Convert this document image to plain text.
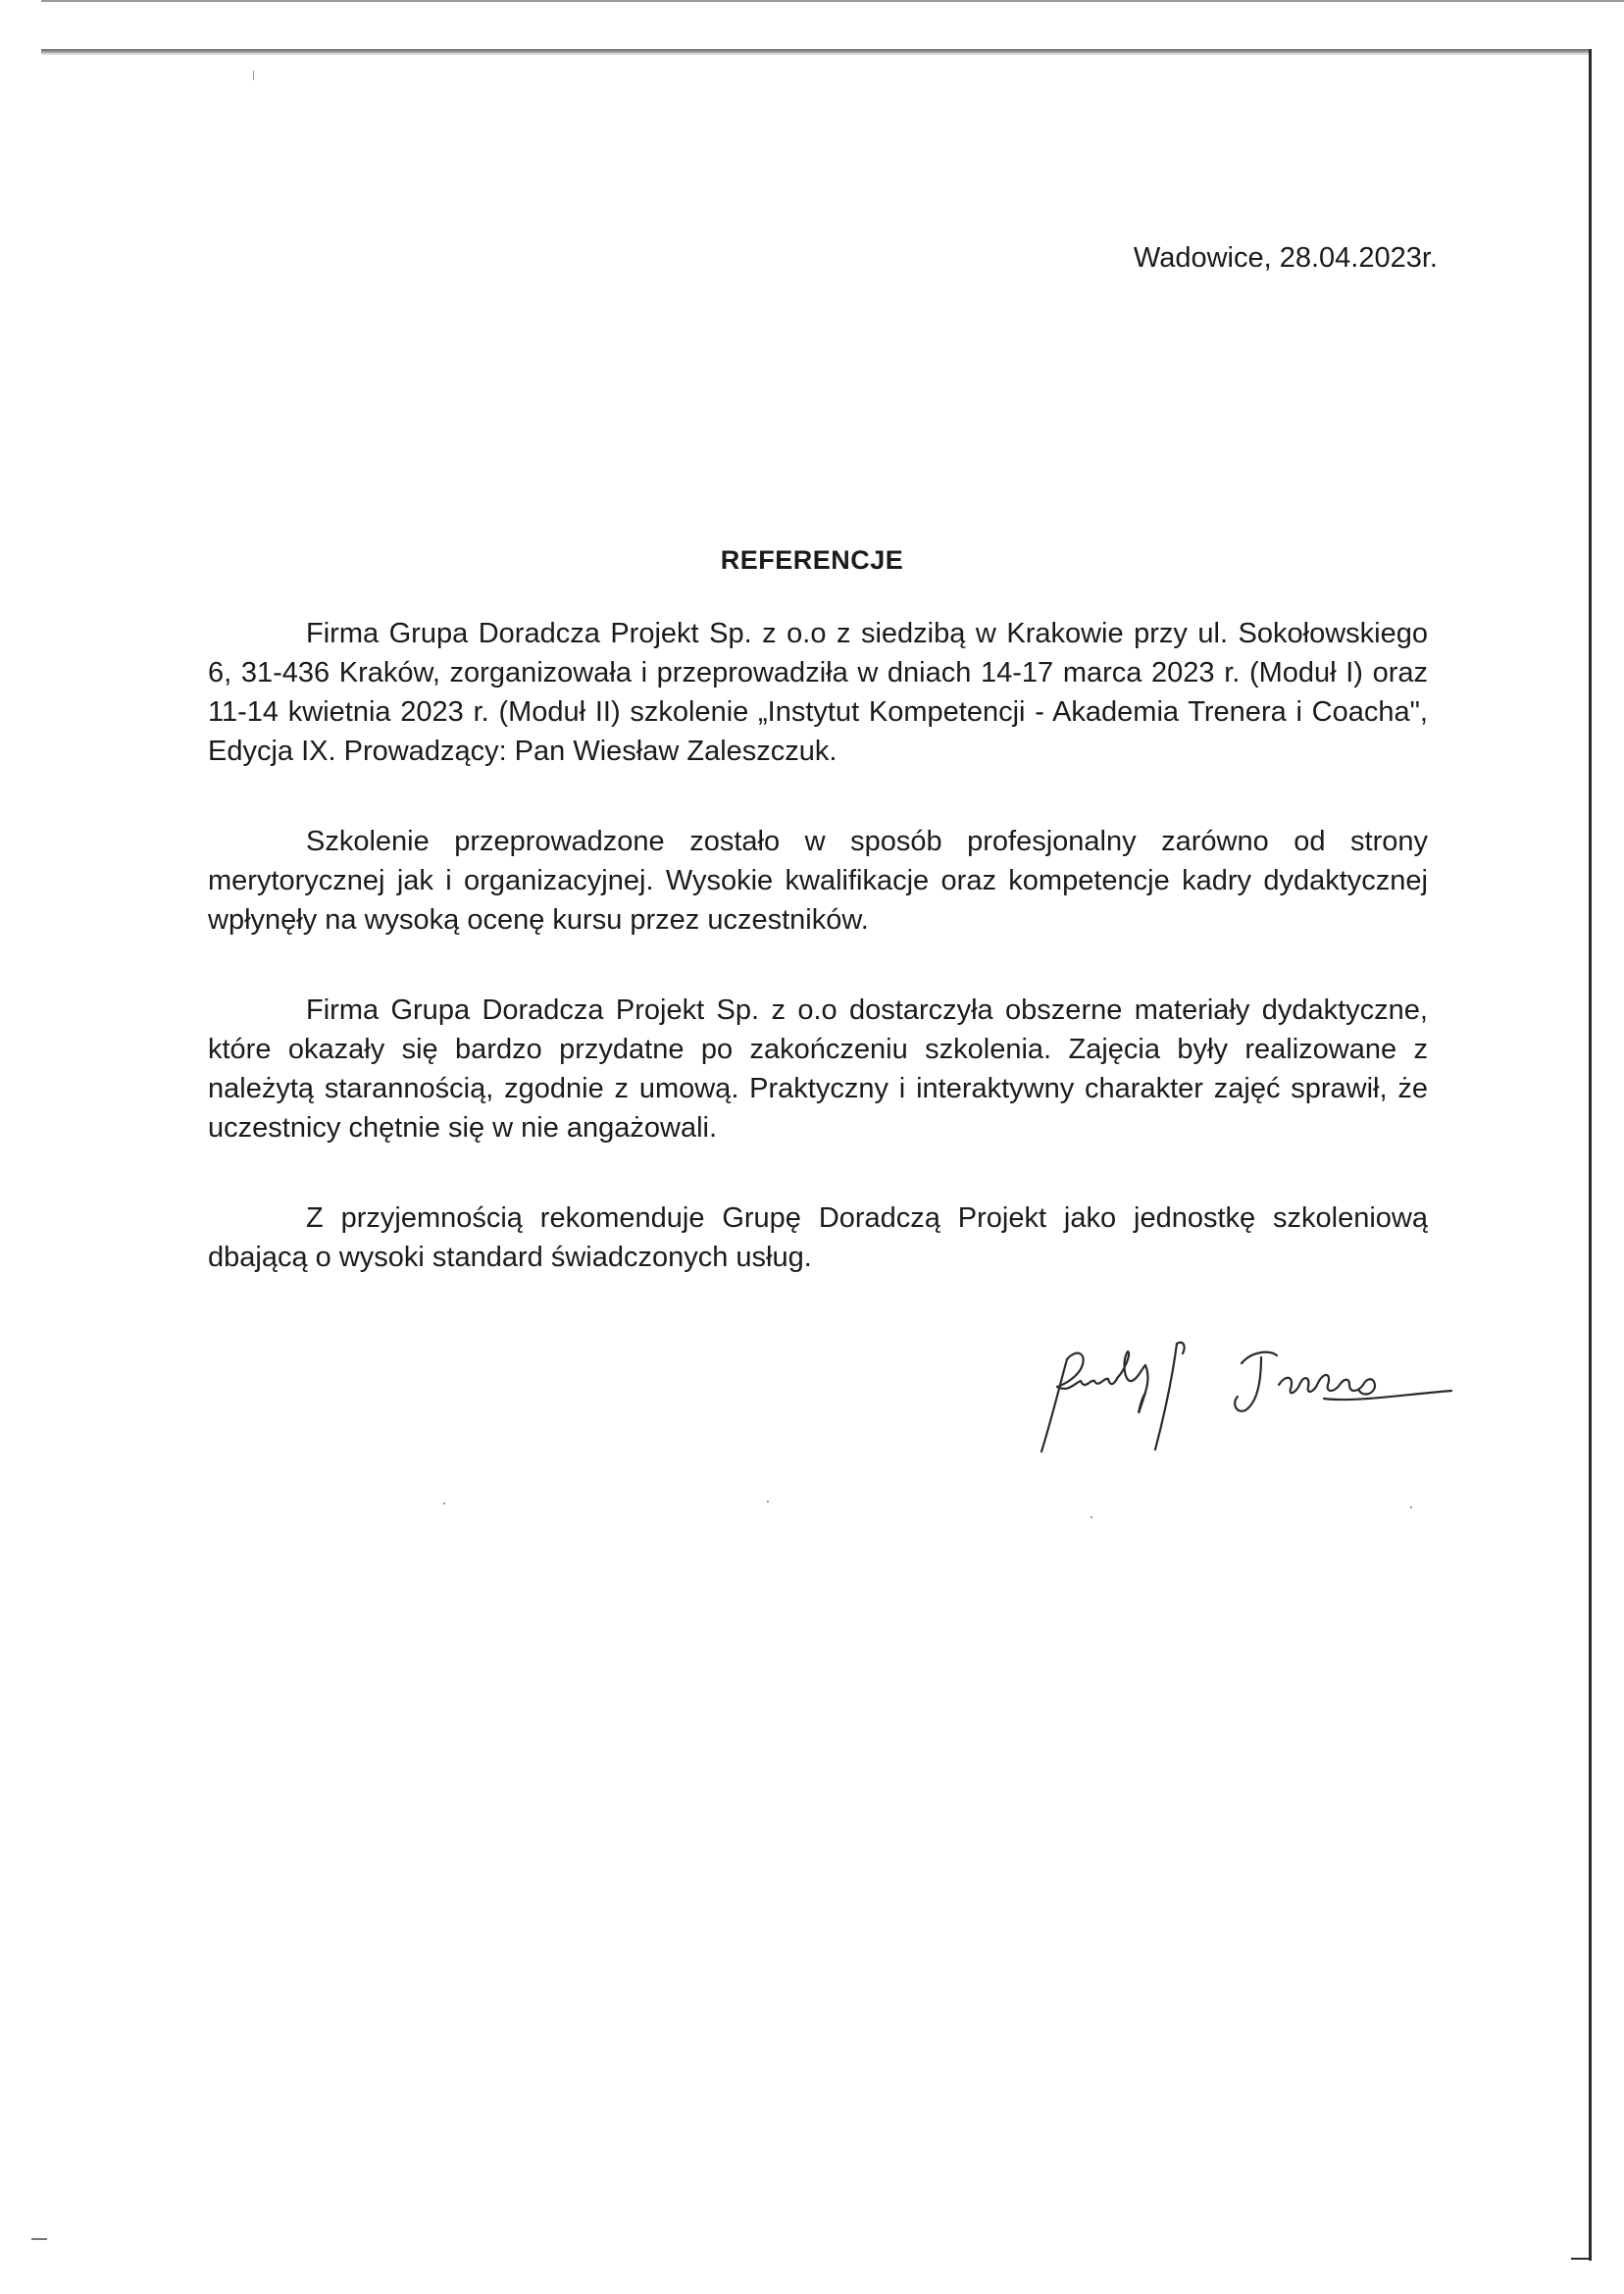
Wadowice, 28.04.2023r.
REFERENCJE

Firma Grupa Doradcza Projekt Sp. z o.o z siedzibą w Krakowie przy ul. Sokołowskiego 6, 31-436 Kraków, zorganizowała i przeprowadziła w dniach 14-17 marca 2023 r. (Moduł I) oraz 11-14 kwietnia 2023 r. (Moduł II) szkolenie „Instytut Kompetencji - Akademia Trenera i Coacha", Edycja IX. Prowadzący: Pan Wiesław Zaleszczuk.

Szkolenie przeprowadzone zostało w sposób profesjonalny zarówno od strony merytorycznej jak i organizacyjnej. Wysokie kwalifikacje oraz kompetencje kadry dydaktycznej wpłynęły na wysoką ocenę kursu przez uczestników.

Firma Grupa Doradcza Projekt Sp. z o.o dostarczyła obszerne materiały dydaktyczne, które okazały się bardzo przydatne po zakończeniu szkolenia. Zajęcia były realizowane z należytą starannością, zgodnie z umową. Praktyczny i interaktywny charakter zajęć sprawił, że uczestnicy chętnie się w nie angażowali.

Z przyjemnością rekomenduje Grupę Doradczą Projekt jako jednostkę szkoleniową dbającą o wysoki standard świadczonych usług.
